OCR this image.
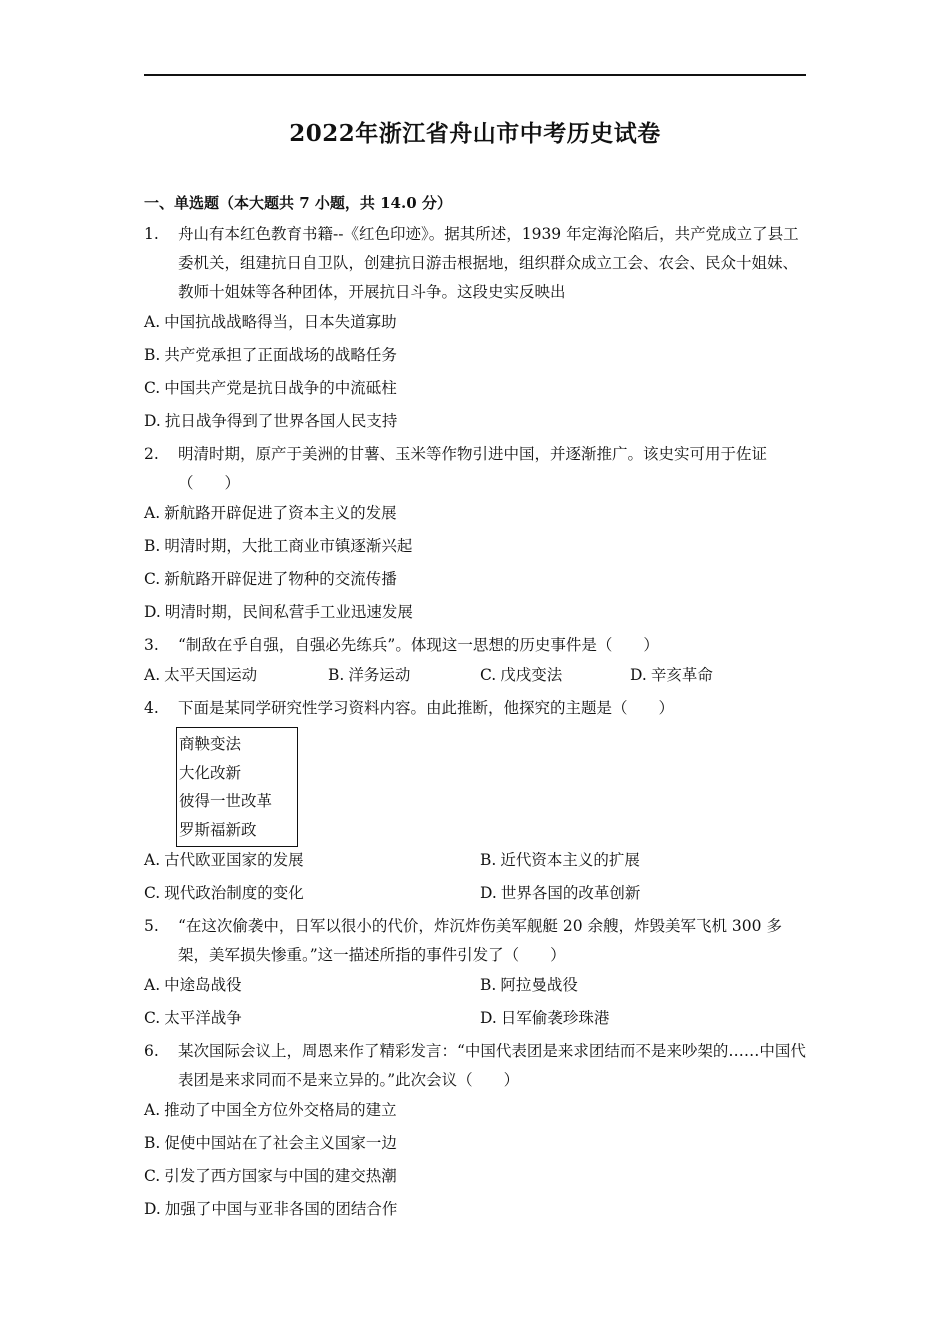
2022年浙江省舟山市中考历史试卷
一、单选题（本大题共 7 小题，共 14.0 分）
1.	舟山有本红色教育书籍--《红色印迹》。据其所述，1939 年定海沦陷后，共产党成立了县工委机关，组建抗日自卫队，创建抗日游击根据地，组织群众成立工会、农会、民众十姐妹、教师十姐妹等各种团体，开展抗日斗争。这段史实反映出
A. 中国抗战战略得当，日本失道寡助
B. 共产党承担了正面战场的战略任务
C. 中国共产党是抗日战争的中流砥柱
D. 抗日战争得到了世界各国人民支持
2.	明清时期，原产于美洲的甘薯、玉米等作物引进中国，并逐渐推广。该史实可用于佐证（　　）
A. 新航路开辟促进了资本主义的发展
B. 明清时期，大批工商业市镇逐渐兴起
C. 新航路开辟促进了物种的交流传播
D. 明清时期，民间私营手工业迅速发展
3.	“制敌在乎自强，自强必先练兵”。体现这一思想的历史事件是（　　）
A. 太平天国运动	B. 洋务运动	C. 戊戌变法	D. 辛亥革命
4.	下面是某同学研究性学习资料内容。由此推断，他探究的主题是（　　）
商鞅变法
大化改新
彼得一世改革
罗斯福新政
A. 古代欧亚国家的发展	B. 近代资本主义的扩展
C. 现代政治制度的变化	D. 世界各国的改革创新
5.	“在这次偷袭中，日军以很小的代价，炸沉炸伤美军舰艇 20 余艘，炸毁美军飞机 300 多架，美军损失惨重。”这一描述所指的事件引发了（　　）
A. 中途岛战役	B. 阿拉曼战役
C. 太平洋战争	D. 日军偷袭珍珠港
6.	某次国际会议上，周恩来作了精彩发言：“中国代表团是来求团结而不是来吵架的……中国代表团是来求同而不是来立异的。”此次会议（　　）
A. 推动了中国全方位外交格局的建立
B. 促使中国站在了社会主义国家一边
C. 引发了西方国家与中国的建交热潮
D. 加强了中国与亚非各国的团结合作
